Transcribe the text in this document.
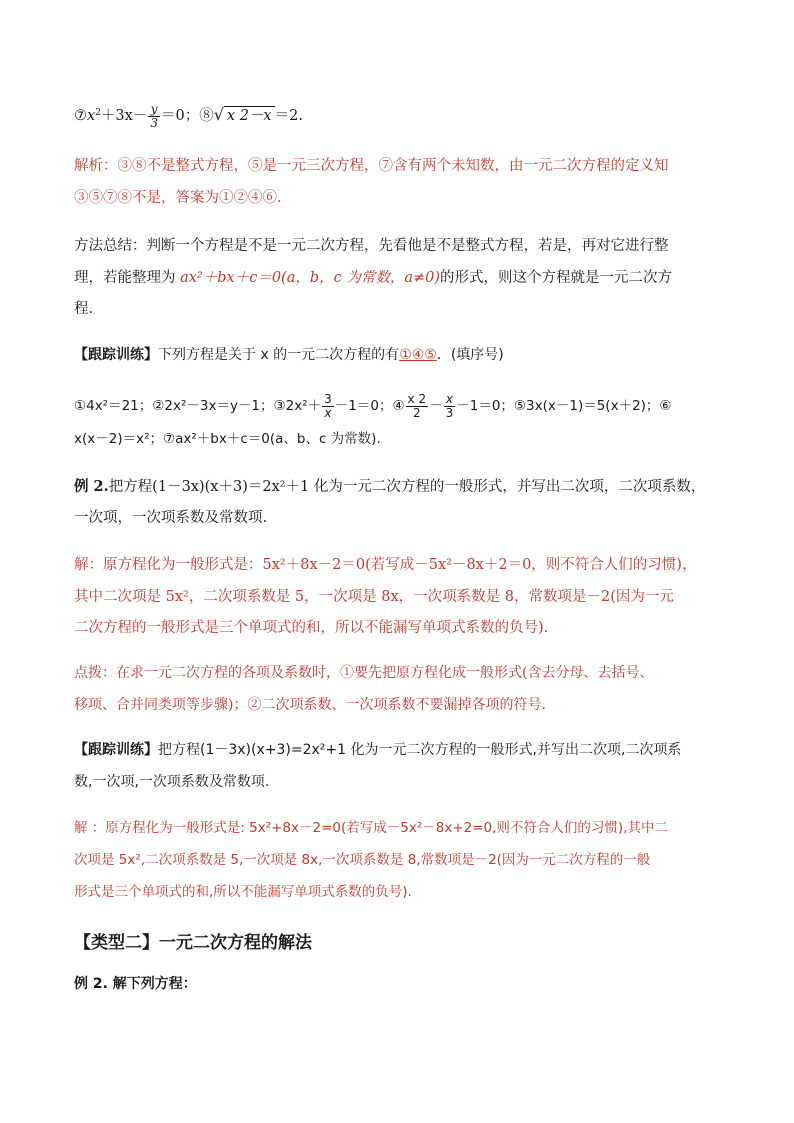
$⑦x^2+3x- \frac{y}{3} =0$；⑧√ x 2－x ＝2.
解析：③⑧不是整式方程，⑤是一元三次方程，⑦含有两个未知数，由一元二次方程的定义知
③⑤⑦⑧不是，答案为①②④⑥.
方法总结：判断一个方程是不是一元二次方程，先看他是不是整式方程，若是，再对它进行整
理，若能整理为 ax²＋bx＋c＝0(a，b，c 为常数，a≠0)的形式，则这个方程就是一元二次方
程.
【跟踪训练】下列方程是关于 x 的一元二次方程的有①④⑤．(填序号)
①4x²＝21；②2x²－3x＝y－1；③2x²＋ $\frac{3}{x} -1=0$；④ $\frac{x 2}{2} - \frac{x}{3} -1=0$；⑤3x(x－1)＝5(x＋2)；⑥
x(x－2)＝x²；⑦ax²＋bx＋c＝0(a、b、c 为常数).
例 2.把方程(1－3x)(x＋3)＝2x²＋1 化为一元二次方程的一般形式，并写出二次项，二次项系数，
一次项，一次项系数及常数项.
解：原方程化为一般形式是：5x²＋8x－2＝0(若写成－5x²－8x＋2＝0，则不符合人们的习惯)，
其中二次项是 5x²，二次项系数是 5，一次项是 8x，一次项系数是 8，常数项是－2(因为一元
二次方程的一般形式是三个单项式的和，所以不能漏写单项式系数的负号).
点拨：在求一元二次方程的各项及系数时，①要先把原方程化成一般形式(含去分母、去括号、
移项、合并同类项等步骤)；②二次项系数、一次项系数不要漏掉各项的符号.
【跟踪训练】把方程(1－3x)(x+3)=2x²+1 化为一元二次方程的一般形式,并写出二次项,二次项系
数,一次项,一次项系数及常数项.
解 ：原方程化为一般形式是: 5x²+8x－2=0(若写成－5x²－8x+2=0,则不符合人们的习惯),其中二
次项是 5x²,二次项系数是 5,一次项是 8x,一次项系数是 8,常数项是－2(因为一元二次方程的一般
形式是三个单项式的和,所以不能漏写单项式系数的负号).
【类型二】一元二次方程的解法
例 2. 解下列方程：
